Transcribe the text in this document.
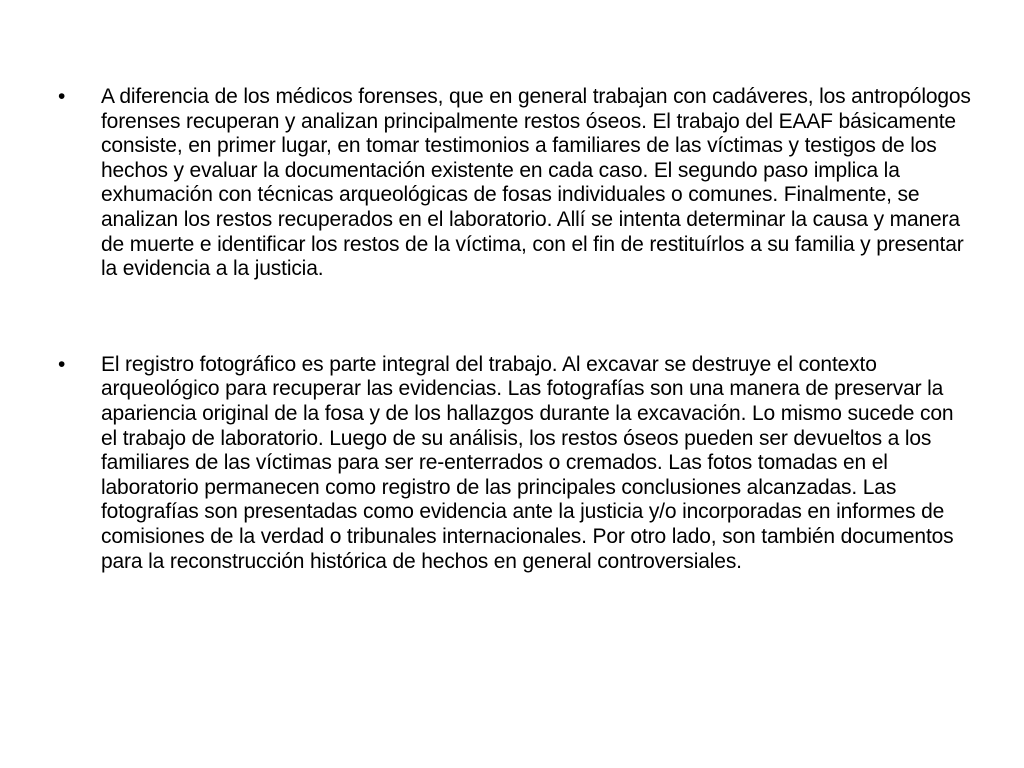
•	A diferencia de los médicos forenses, que en general trabajan con cadáveres, los antropólogos forenses recuperan y analizan principalmente restos óseos. El trabajo del EAAF básicamente consiste, en primer lugar, en tomar testimonios a familiares de las víctimas y testigos de los hechos y evaluar la documentación existente en cada caso. El segundo paso implica la exhumación con técnicas arqueológicas de fosas individuales o comunes. Finalmente, se analizan los restos recuperados en el laboratorio. Allí se intenta determinar la causa y manera de muerte e identificar los restos de la víctima, con el fin de restituírlos a su familia y presentar la evidencia a la justicia.
•	El registro fotográfico es parte integral del trabajo. Al excavar se destruye el contexto arqueológico para recuperar las evidencias. Las fotografías son una manera de preservar la apariencia original de la fosa y de los hallazgos durante la excavación. Lo mismo sucede con el trabajo de laboratorio. Luego de su análisis, los restos óseos pueden ser devueltos a los familiares de las víctimas para ser re-enterrados o cremados. Las fotos tomadas en el laboratorio permanecen como registro de las principales conclusiones alcanzadas. Las fotografías son presentadas como evidencia ante la justicia y/o incorporadas en informes de comisiones de la verdad o tribunales internacionales. Por otro lado, son también documentos para la reconstrucción histórica de hechos en general controversiales.
